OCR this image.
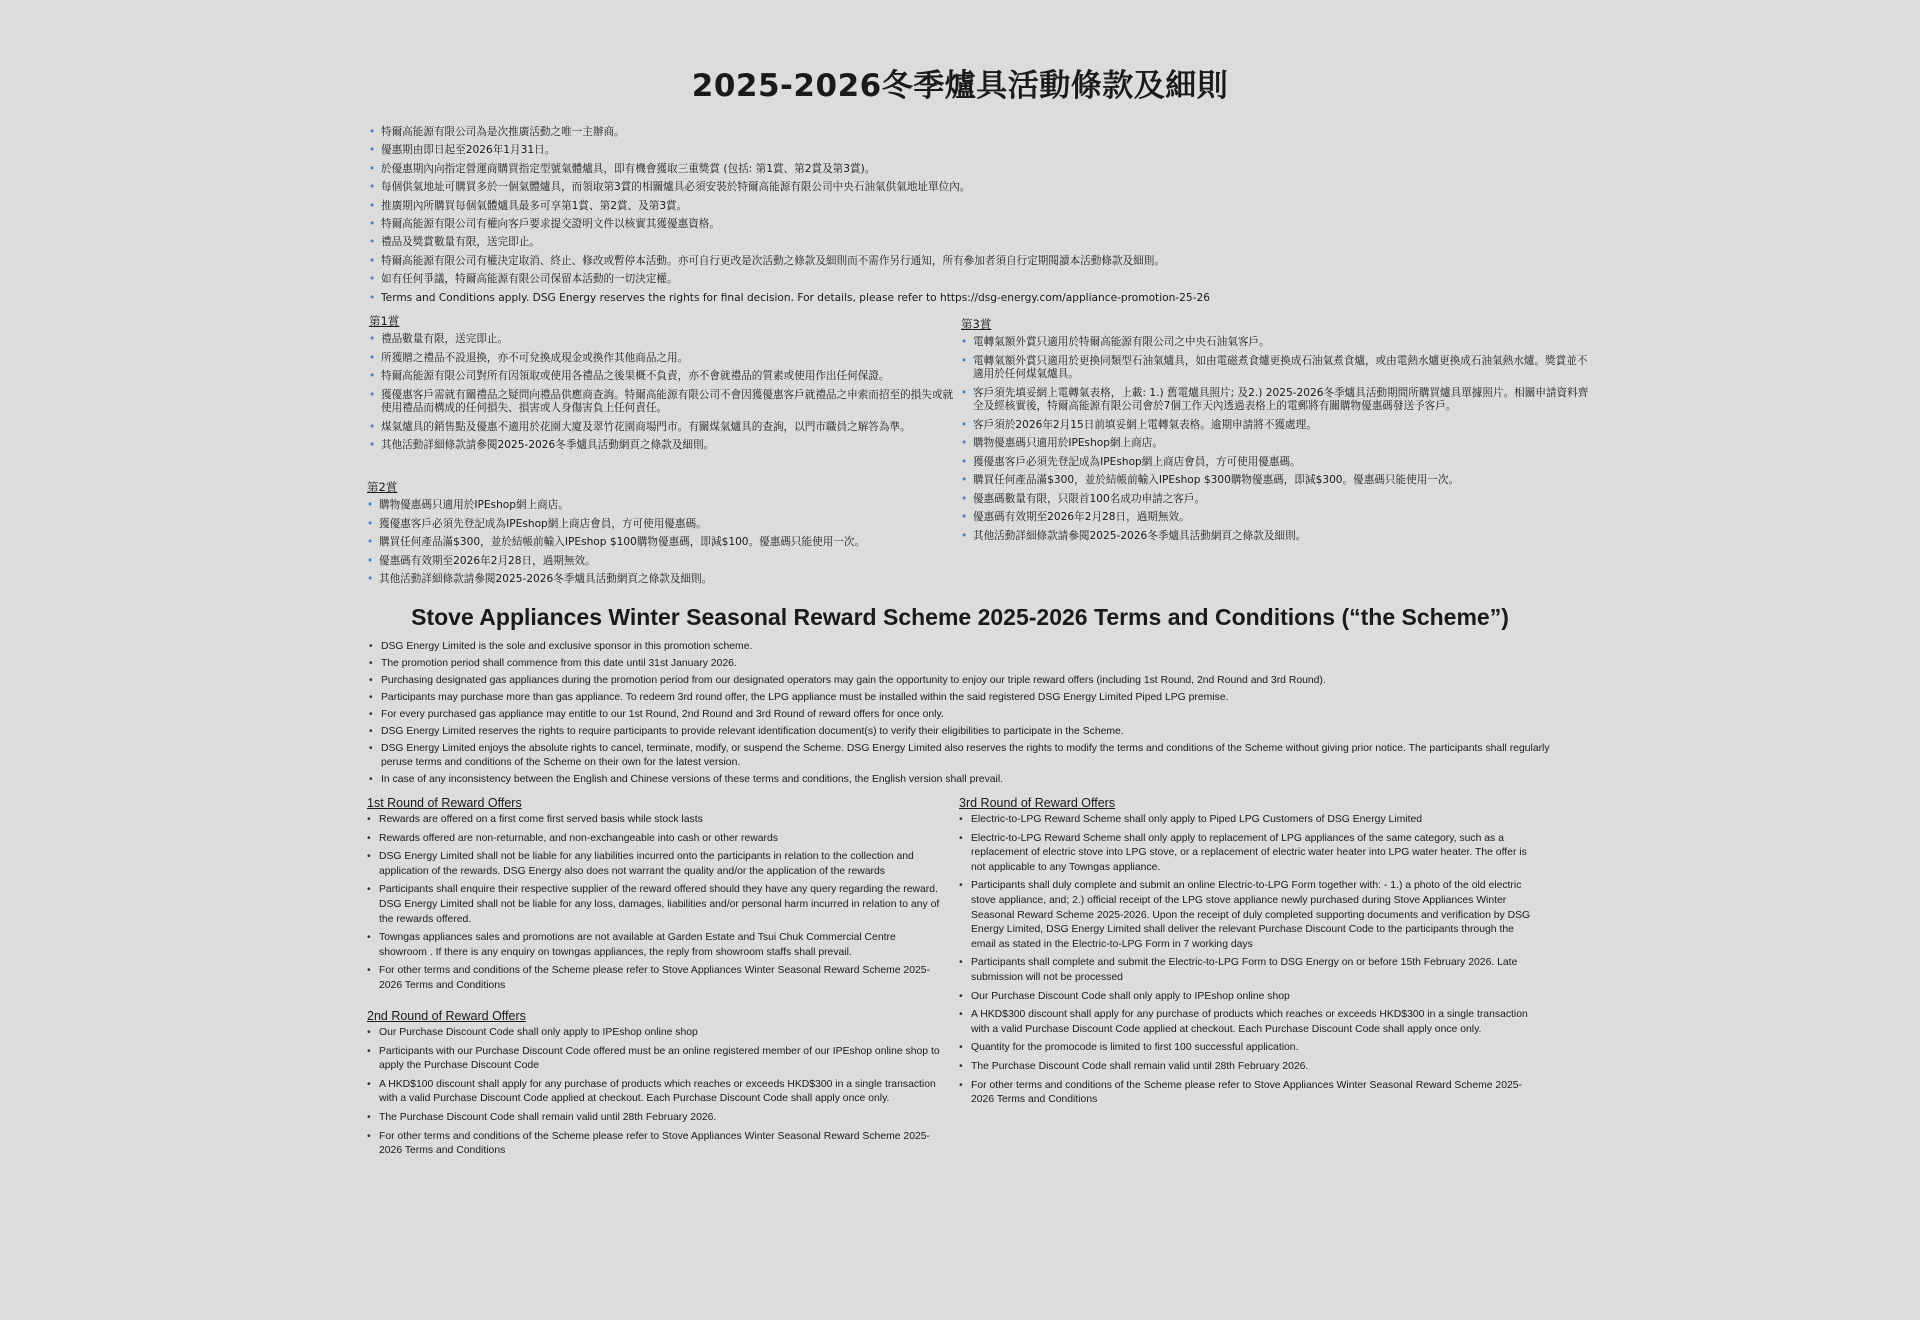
2025-2026冬季爐具活動條款及細則
• 特爾高能源有限公司為是次推廣活動之唯一主辦商。
• 優惠期由即日起至2026年1月31日。
• 於優惠期內向指定營運商購買指定型號氣體爐具，即有機會獲取三重獎賞 (包括: 第1賞、第2賞及第3賞)。
• 每個供氣地址可購買多於一個氣體爐具，而領取第3賞的相關爐具必須安裝於特爾高能源有限公司中央石油氣供氣地址單位內。
• 推廣期內所購買每個氣體爐具最多可享第1賞、第2賞、及第3賞。
• 特爾高能源有限公司有權向客戶要求提交證明文件以核實其獲優惠資格。
• 禮品及獎賞數量有限，送完即止。
• 特爾高能源有限公司有權決定取消、終止、修改或暫停本活動。亦可自行更改是次活動之條款及細則而不需作另行通知，所有參加者須自行定期閱讀本活動條款及細則。
• 如有任何爭議，特爾高能源有限公司保留本活動的一切決定權。
• Terms and Conditions apply. DSG Energy reserves the rights for final decision. For details, please refer to https://dsg-energy.com/appliance-promotion-25-26
第1賞
• 禮品數量有限，送完即止。
• 所獲贈之禮品不設退換，亦不可兌換成現金或換作其他商品之用。
• 特爾高能源有限公司對所有因領取或使用各禮品之後果概不負責，亦不會就禮品的質素或使用作出任何保證。
• 獲優惠客戶需就有關禮品之疑問向禮品供應商查詢。特爾高能源有限公司不會因獲優惠客戶就禮品之申索而招至的損失或就使用禮品而構成的任何損失、損害或人身傷害負上任何責任。
• 煤氣爐具的銷售點及優惠不適用於花園大廈及翠竹花園商場門市。有關煤氣爐具的查詢，以門市職員之解答為準。
• 其他活動詳細條款請參閱2025-2026冬季爐具活動網頁之條款及細則。
第2賞
• 購物優惠碼只適用於IPEshop網上商店。
• 獲優惠客戶必須先登記成為IPEshop網上商店會員，方可使用優惠碼。
• 購買任何產品滿$300，並於結帳前輸入IPEshop $100購物優惠碼，即減$100。優惠碼只能使用一次。
• 優惠碼有效期至2026年2月28日，過期無效。
• 其他活動詳細條款請參閱2025-2026冬季爐具活動網頁之條款及細則。
第3賞
• 電轉氣額外賞只適用於特爾高能源有限公司之中央石油氣客戶。
• 電轉氣額外賞只適用於更換同類型石油氣爐具，如由電磁煮食爐更換成石油氣煮食爐，或由電熱水爐更換成石油氣熱水爐。獎賞並不適用於任何煤氣爐具。
• 客戶須先填妥網上電轉氣表格，上載: 1.) 舊電爐具照片; 及2.) 2025-2026冬季爐具活動期間所購買爐具單據照片。相關申請資料齊全及經核實後，特爾高能源有限公司會於7個工作天內透過表格上的電郵將有關購物優惠碼發送予客戶。
• 客戶須於2026年2月15日前填妥網上電轉氣表格。逾期申請將不獲處理。
• 購物優惠碼只適用於IPEshop網上商店。
• 獲優惠客戶必須先登記成為IPEshop網上商店會員，方可使用優惠碼。
• 購買任何產品滿$300，並於結帳前輸入IPEshop $300購物優惠碼，即減$300。優惠碼只能使用一次。
• 優惠碼數量有限，只限首100名成功申請之客戶。
• 優惠碼有效期至2026年2月28日，過期無效。
• 其他活動詳細條款請參閱2025-2026冬季爐具活動網頁之條款及細則。
Stove Appliances Winter Seasonal Reward Scheme 2025-2026 Terms and Conditions (“the Scheme”)
• DSG Energy Limited is the sole and exclusive sponsor in this promotion scheme.
• The promotion period shall commence from this date until 31st January 2026.
• Purchasing designated gas appliances during the promotion period from our designated operators may gain the opportunity to enjoy our triple reward offers (including 1st Round, 2nd Round and 3rd Round).
• Participants may purchase more than gas appliance. To redeem 3rd round offer, the LPG appliance must be installed within the said registered DSG Energy Limited Piped LPG premise.
• For every purchased gas appliance may entitle to our 1st Round, 2nd Round and 3rd Round of reward offers for once only.
• DSG Energy Limited reserves the rights to require participants to provide relevant identification document(s) to verify their eligibilities to participate in the Scheme.
• DSG Energy Limited enjoys the absolute rights to cancel, terminate, modify, or suspend the Scheme. DSG Energy Limited also reserves the rights to modify the terms and conditions of the Scheme without giving prior notice. The participants shall regularly peruse terms and conditions of the Scheme on their own for the latest version.
• In case of any inconsistency between the English and Chinese versions of these terms and conditions, the English version shall prevail.
1st Round of Reward Offers
• Rewards are offered on a first come first served basis while stock lasts
• Rewards offered are non-returnable, and non-exchangeable into cash or other rewards
• DSG Energy Limited shall not be liable for any liabilities incurred onto the participants in relation to the collection and application of the rewards. DSG Energy also does not warrant the quality and/or the application of the rewards
• Participants shall enquire their respective supplier of the reward offered should they have any query regarding the reward. DSG Energy Limited shall not be liable for any loss, damages, liabilities and/or personal harm incurred in relation to any of the rewards offered.
• Towngas appliances sales and promotions are not available at Garden Estate and Tsui Chuk Commercial Centre showroom . If there is any enquiry on towngas appliances, the reply from showroom staffs shall prevail.
• For other terms and conditions of the Scheme please refer to Stove Appliances Winter Seasonal Reward Scheme 2025-2026 Terms and Conditions
2nd Round of Reward Offers
• Our Purchase Discount Code shall only apply to IPEshop online shop
• Participants with our Purchase Discount Code offered must be an online registered member of our IPEshop online shop to apply the Purchase Discount Code
• A HKD$100 discount shall apply for any purchase of products which reaches or exceeds HKD$300 in a single transaction with a valid Purchase Discount Code applied at checkout. Each Purchase Discount Code shall apply once only.
• The Purchase Discount Code shall remain valid until 28th February 2026.
• For other terms and conditions of the Scheme please refer to Stove Appliances Winter Seasonal Reward Scheme 2025-2026 Terms and Conditions
3rd Round of Reward Offers
• Electric-to-LPG Reward Scheme shall only apply to Piped LPG Customers of DSG Energy Limited
• Electric-to-LPG Reward Scheme shall only apply to replacement of LPG appliances of the same category, such as a replacement of electric stove into LPG stove, or a replacement of electric water heater into LPG water heater. The offer is not applicable to any Towngas appliance.
• Participants shall duly complete and submit an online Electric-to-LPG Form together with: - 1.) a photo of the old electric stove appliance, and; 2.) official receipt of the LPG stove appliance newly purchased during Stove Appliances Winter Seasonal Reward Scheme 2025-2026. Upon the receipt of duly completed supporting documents and verification by DSG Energy Limited, DSG Energy Limited shall deliver the relevant Purchase Discount Code to the participants through the email as stated in the Electric-to-LPG Form in 7 working days
• Participants shall complete and submit the Electric-to-LPG Form to DSG Energy on or before 15th February 2026. Late submission will not be processed
• Our Purchase Discount Code shall only apply to IPEshop online shop
• A HKD$300 discount shall apply for any purchase of products which reaches or exceeds HKD$300 in a single transaction with a valid Purchase Discount Code applied at checkout. Each Purchase Discount Code shall apply once only.
• Quantity for the promocode is limited to first 100 successful application.
• The Purchase Discount Code shall remain valid until 28th February 2026.
• For other terms and conditions of the Scheme please refer to Stove Appliances Winter Seasonal Reward Scheme 2025-2026 Terms and Conditions
